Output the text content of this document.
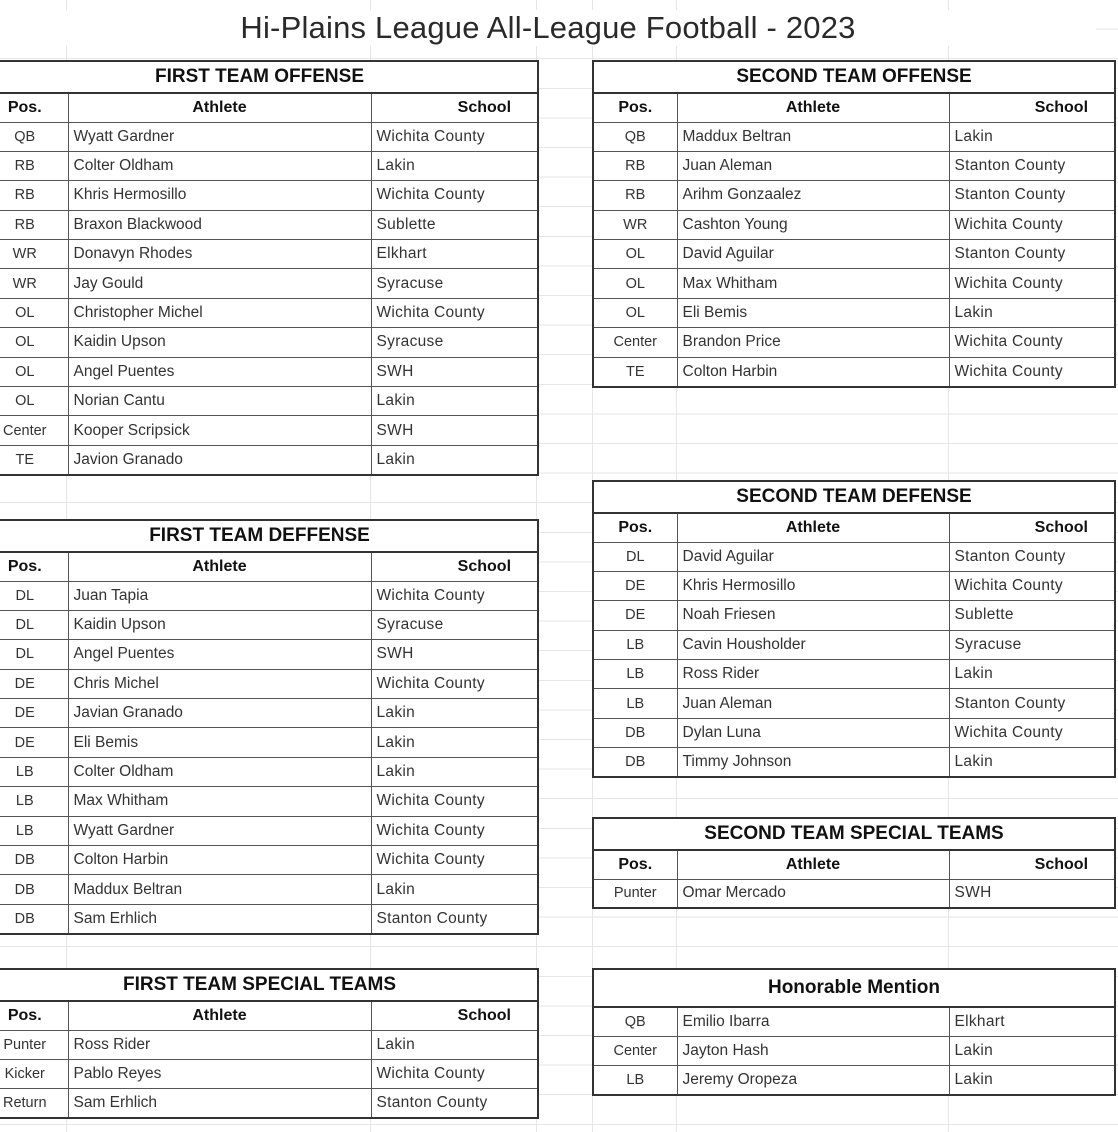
Hi-Plains League All-League Football - 2023
FIRST TEAM OFFENSE		
Pos.	Athlete	School
QB	Wyatt Gardner	Wichita County
RB	Colter Oldham	Lakin
RB	Khris Hermosillo	Wichita County
RB	Braxon Blackwood	Sublette
WR	Donavyn Rhodes	Elkhart
WR	Jay Gould	Syracuse
OL	Christopher Michel	Wichita County
OL	Kaidin Upson	Syracuse
OL	Angel Puentes	SWH
OL	Norian Cantu	Lakin
Center	Kooper Scripsick	SWH
TE	Javion Granado	Lakin
FIRST TEAM DEFFENSE		
Pos.	Athlete	School
DL	Juan Tapia	Wichita County
DL	Kaidin Upson	Syracuse
DL	Angel Puentes	SWH
DE	Chris Michel	Wichita County
DE	Javian Granado	Lakin
DE	Eli Bemis	Lakin
LB	Colter Oldham	Lakin
LB	Max Whitham	Wichita County
LB	Wyatt Gardner	Wichita County
DB	Colton Harbin	Wichita County
DB	Maddux Beltran	Lakin
DB	Sam Erhlich	Stanton County
FIRST TEAM SPECIAL TEAMS		
Pos.	Athlete	School
Punter	Ross Rider	Lakin
Kicker	Pablo Reyes	Wichita County
Return	Sam Erhlich	Stanton County
SECOND TEAM OFFENSE		
Pos.	Athlete	School
QB	Maddux Beltran	Lakin
RB	Juan Aleman	Stanton County
RB	Arihm Gonzaalez	Stanton County
WR	Cashton Young	Wichita County
OL	David Aguilar	Stanton County
OL	Max Whitham	Wichita County
OL	Eli Bemis	Lakin
Center	Brandon Price	Wichita County
TE	Colton Harbin	Wichita County
SECOND TEAM DEFENSE		
Pos.	Athlete	School
DL	David Aguilar	Stanton County
DE	Khris Hermosillo	Wichita County
DE	Noah Friesen	Sublette
LB	Cavin Housholder	Syracuse
LB	Ross Rider	Lakin
LB	Juan Aleman	Stanton County
DB	Dylan Luna	Wichita County
DB	Timmy Johnson	Lakin
SECOND TEAM SPECIAL TEAMS		
Pos.	Athlete	School
Punter	Omar Mercado	SWH
Honorable Mention		
QB	Emilio Ibarra	Elkhart
Center	Jayton Hash	Lakin
LB	Jeremy Oropeza	Lakin
